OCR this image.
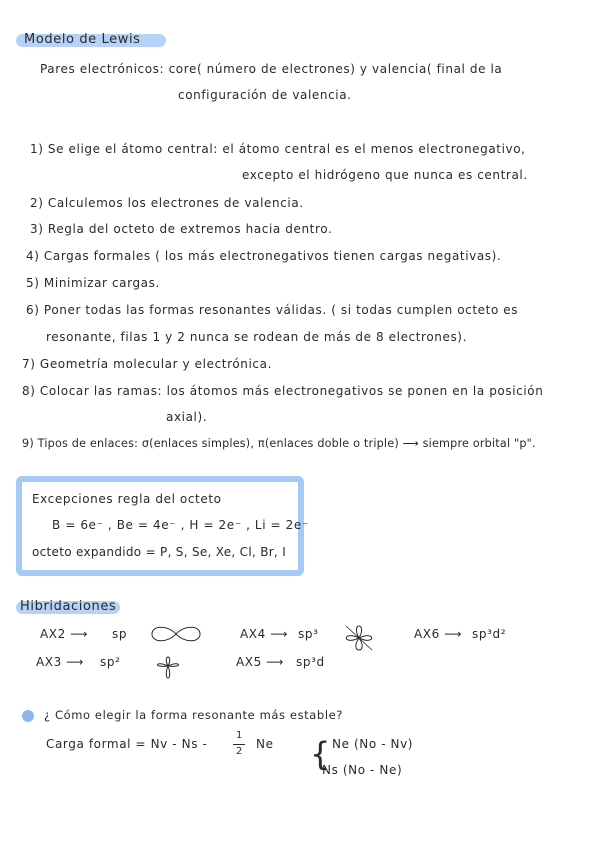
Modelo de Lewis
Pares electrónicos: core( número de electrones) y valencia( final de la
configuración de valencia.
1) Se elige el átomo central: el átomo central es el menos electronegativo,
excepto el hidrógeno que nunca es central.
2) Calculemos los electrones de valencia.
3) Regla del octeto de extremos hacia dentro.
4) Cargas formales ( los más electronegativos tienen cargas negativas).
5) Minimizar cargas.
6) Poner todas las formas resonantes válidas. ( si todas cumplen octeto es
resonante, filas 1 y 2 nunca se rodean de más de 8 electrones).
7) Geometría molecular y electrónica.
8) Colocar las ramas: los átomos más electronegativos se ponen en la posición
axial).
9) Tipos de enlaces: σ(enlaces simples), π(enlaces doble o triple) ⟶ siempre orbital "p".
Excepciones regla del octeto
B = 6e⁻ , Be = 4e⁻ , H = 2e⁻ , Li = 2e⁻
octeto expandido = P, S, Se, Xe, Cl, Br, I
Hibridaciones
AX2 ⟶ sp
AX3 ⟶ sp²
AX4 ⟶ sp³
AX5 ⟶ sp³d
AX6 ⟶ sp³d²
¿ Cómo elegir la forma resonante más estable?
Carga formal = Nv - Ns -
1
2
Ne { Ne (No - Nv)
Ns (No - Ne)
